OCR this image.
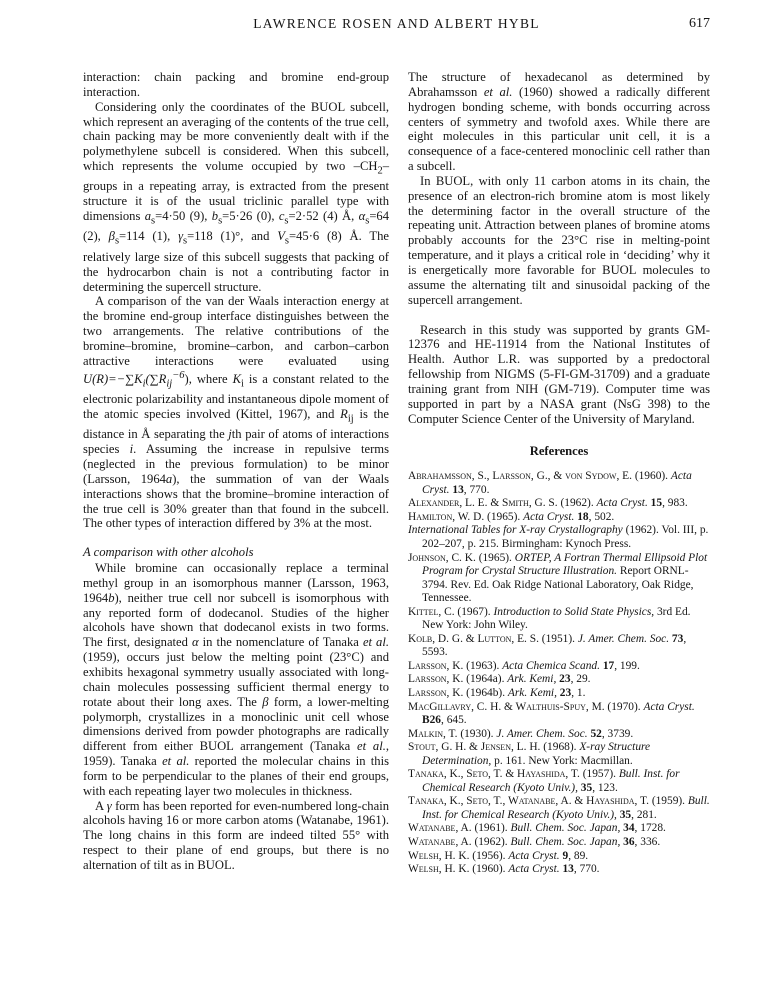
LAWRENCE ROSEN AND ALBERT HYBL	617

interaction: chain packing and bromine end-group interaction.

Considering only the coordinates of the BUOL subcell, which represent an averaging of the contents of the true cell, chain packing may be more conveniently dealt with if the polymethylene subcell is considered. When this subcell, which represents the volume occupied by two $-CH_2-$ groups in a repeating array, is extracted from the present structure it is of the usual triclinic parallel type with dimensions $a_s=4\cdot 50$ (9), $b_s=5\cdot 26$ (0), $c_s=2\cdot 52$ (4) Å, $\alpha_s=64$ (2), $\beta_s=114$ (1), $\gamma_s=118$ (1)°, and $V_s=45\cdot 6$ (8) Å. The relatively large size of this subcell suggests that packing of the hydrocarbon chain is not a contributing factor in determining the supercell structure.

A comparison of the van der Waals interaction energy at the bromine end-group interface distinguishes between the two arrangements. The relative contributions of the bromine–bromine, bromine–carbon, and carbon–carbon attractive interactions were evaluated using $U(R)=-\sum K_i(\sum R_{ij}^{-6})$, where $K_i$ is a constant related to the electronic polarizability and instantaneous dipole moment of the atomic species involved (Kittel, 1967), and $R_{ij}$ is the distance in Å separating the jth pair of atoms of interactions species i. Assuming the increase in repulsive terms (neglected in the previous formulation) to be minor (Larsson, 1964a), the summation of van der Waals interactions shows that the bromine–bromine interaction of the true cell is 30% greater than that found in the subcell. The other types of interaction differed by 3% at the most.

A comparison with other alcohols

While bromine can occasionally replace a terminal methyl group in an isomorphous manner (Larsson, 1963, 1964b), neither true cell nor subcell is isomorphous with any reported form of dodecanol. Studies of the higher alcohols have shown that dodecanol exists in two forms. The first, designated α in the nomenclature of Tanaka et al. (1959), occurs just below the melting point (23°C) and exhibits hexagonal symmetry usually associated with long-chain molecules possessing sufficient thermal energy to rotate about their long axes. The β form, a lower-melting polymorph, crystallizes in a monoclinic unit cell whose dimensions derived from powder photographs are radically different from either BUOL arrangement (Tanaka et al., 1959). Tanaka et al. reported the molecular chains in this form to be perpendicular to the planes of their end groups, with each repeating layer two molecules in thickness.

A γ form has been reported for even-numbered long-chain alcohols having 16 or more carbon atoms (Watanabe, 1961). The long chains in this form are indeed tilted 55° with respect to their plane of end groups, but there is no alternation of tilt as in BUOL.

The structure of hexadecanol as determined by Abrahamsson et al. (1960) showed a radically different hydrogen bonding scheme, with bonds occurring across centers of symmetry and twofold axes. While there are eight molecules in this particular unit cell, it is a consequence of a face-centered monoclinic cell rather than a subcell.

In BUOL, with only 11 carbon atoms in its chain, the presence of an electron-rich bromine atom is most likely the determining factor in the overall structure of the repeating unit. Attraction between planes of bromine atoms probably accounts for the 23°C rise in melting-point temperature, and it plays a critical role in ‘deciding’ why it is energetically more favorable for BUOL molecules to assume the alternating tilt and sinusoidal packing of the supercell arrangement.

Research in this study was supported by grants GM-12376 and HE-11914 from the National Institutes of Health. Author L.R. was supported by a predoctoral fellowship from NIGMS (5-FI-GM-31709) and a graduate training grant from NIH (GM-719). Computer time was supported in part by a NASA grant (NsG 398) to the Computer Science Center of the University of Maryland.

References

Abrahamsson, S., Larsson, G., & von Sydow, E. (1960). Acta Cryst. 13, 770.

Alexander, L. E. & Smith, G. S. (1962). Acta Cryst. 15, 983.

Hamilton, W. D. (1965). Acta Cryst. 18, 502.

International Tables for X-ray Crystallography (1962). Vol. III, p. 202–207, p. 215. Birmingham: Kynoch Press.

Johnson, C. K. (1965). ORTEP, A Fortran Thermal Ellipsoid Plot Program for Crystal Structure Illustration. Report ORNL-3794. Rev. Ed. Oak Ridge National Laboratory, Oak Ridge, Tennessee.

Kittel, C. (1967). Introduction to Solid State Physics, 3rd Ed. New York: John Wiley.

Kolb, D. G. & Lutton, E. S. (1951). J. Amer. Chem. Soc. 73, 5593.

Larsson, K. (1963). Acta Chemica Scand. 17, 199.

Larsson, K. (1964a). Ark. Kemi, 23, 29.

Larsson, K. (1964b). Ark. Kemi, 23, 1.

MacGillavry, C. H. & Walthuis-Spuy, M. (1970). Acta Cryst. B26, 645.

Malkin, T. (1930). J. Amer. Chem. Soc. 52, 3739.

Stout, G. H. & Jensen, L. H. (1968). X-ray Structure Determination, p. 161. New York: Macmillan.

Tanaka, K., Seto, T. & Hayashida, T. (1957). Bull. Inst. for Chemical Research (Kyoto Univ.), 35, 123.

Tanaka, K., Seto, T., Watanabe, A. & Hayashida, T. (1959). Bull. Inst. for Chemical Research (Kyoto Univ.), 35, 281.

Watanabe, A. (1961). Bull. Chem. Soc. Japan, 34, 1728.

Watanabe, A. (1962). Bull. Chem. Soc. Japan, 36, 336.

Welsh, H. K. (1956). Acta Cryst. 9, 89.

Welsh, H. K. (1960). Acta Cryst. 13, 770.
